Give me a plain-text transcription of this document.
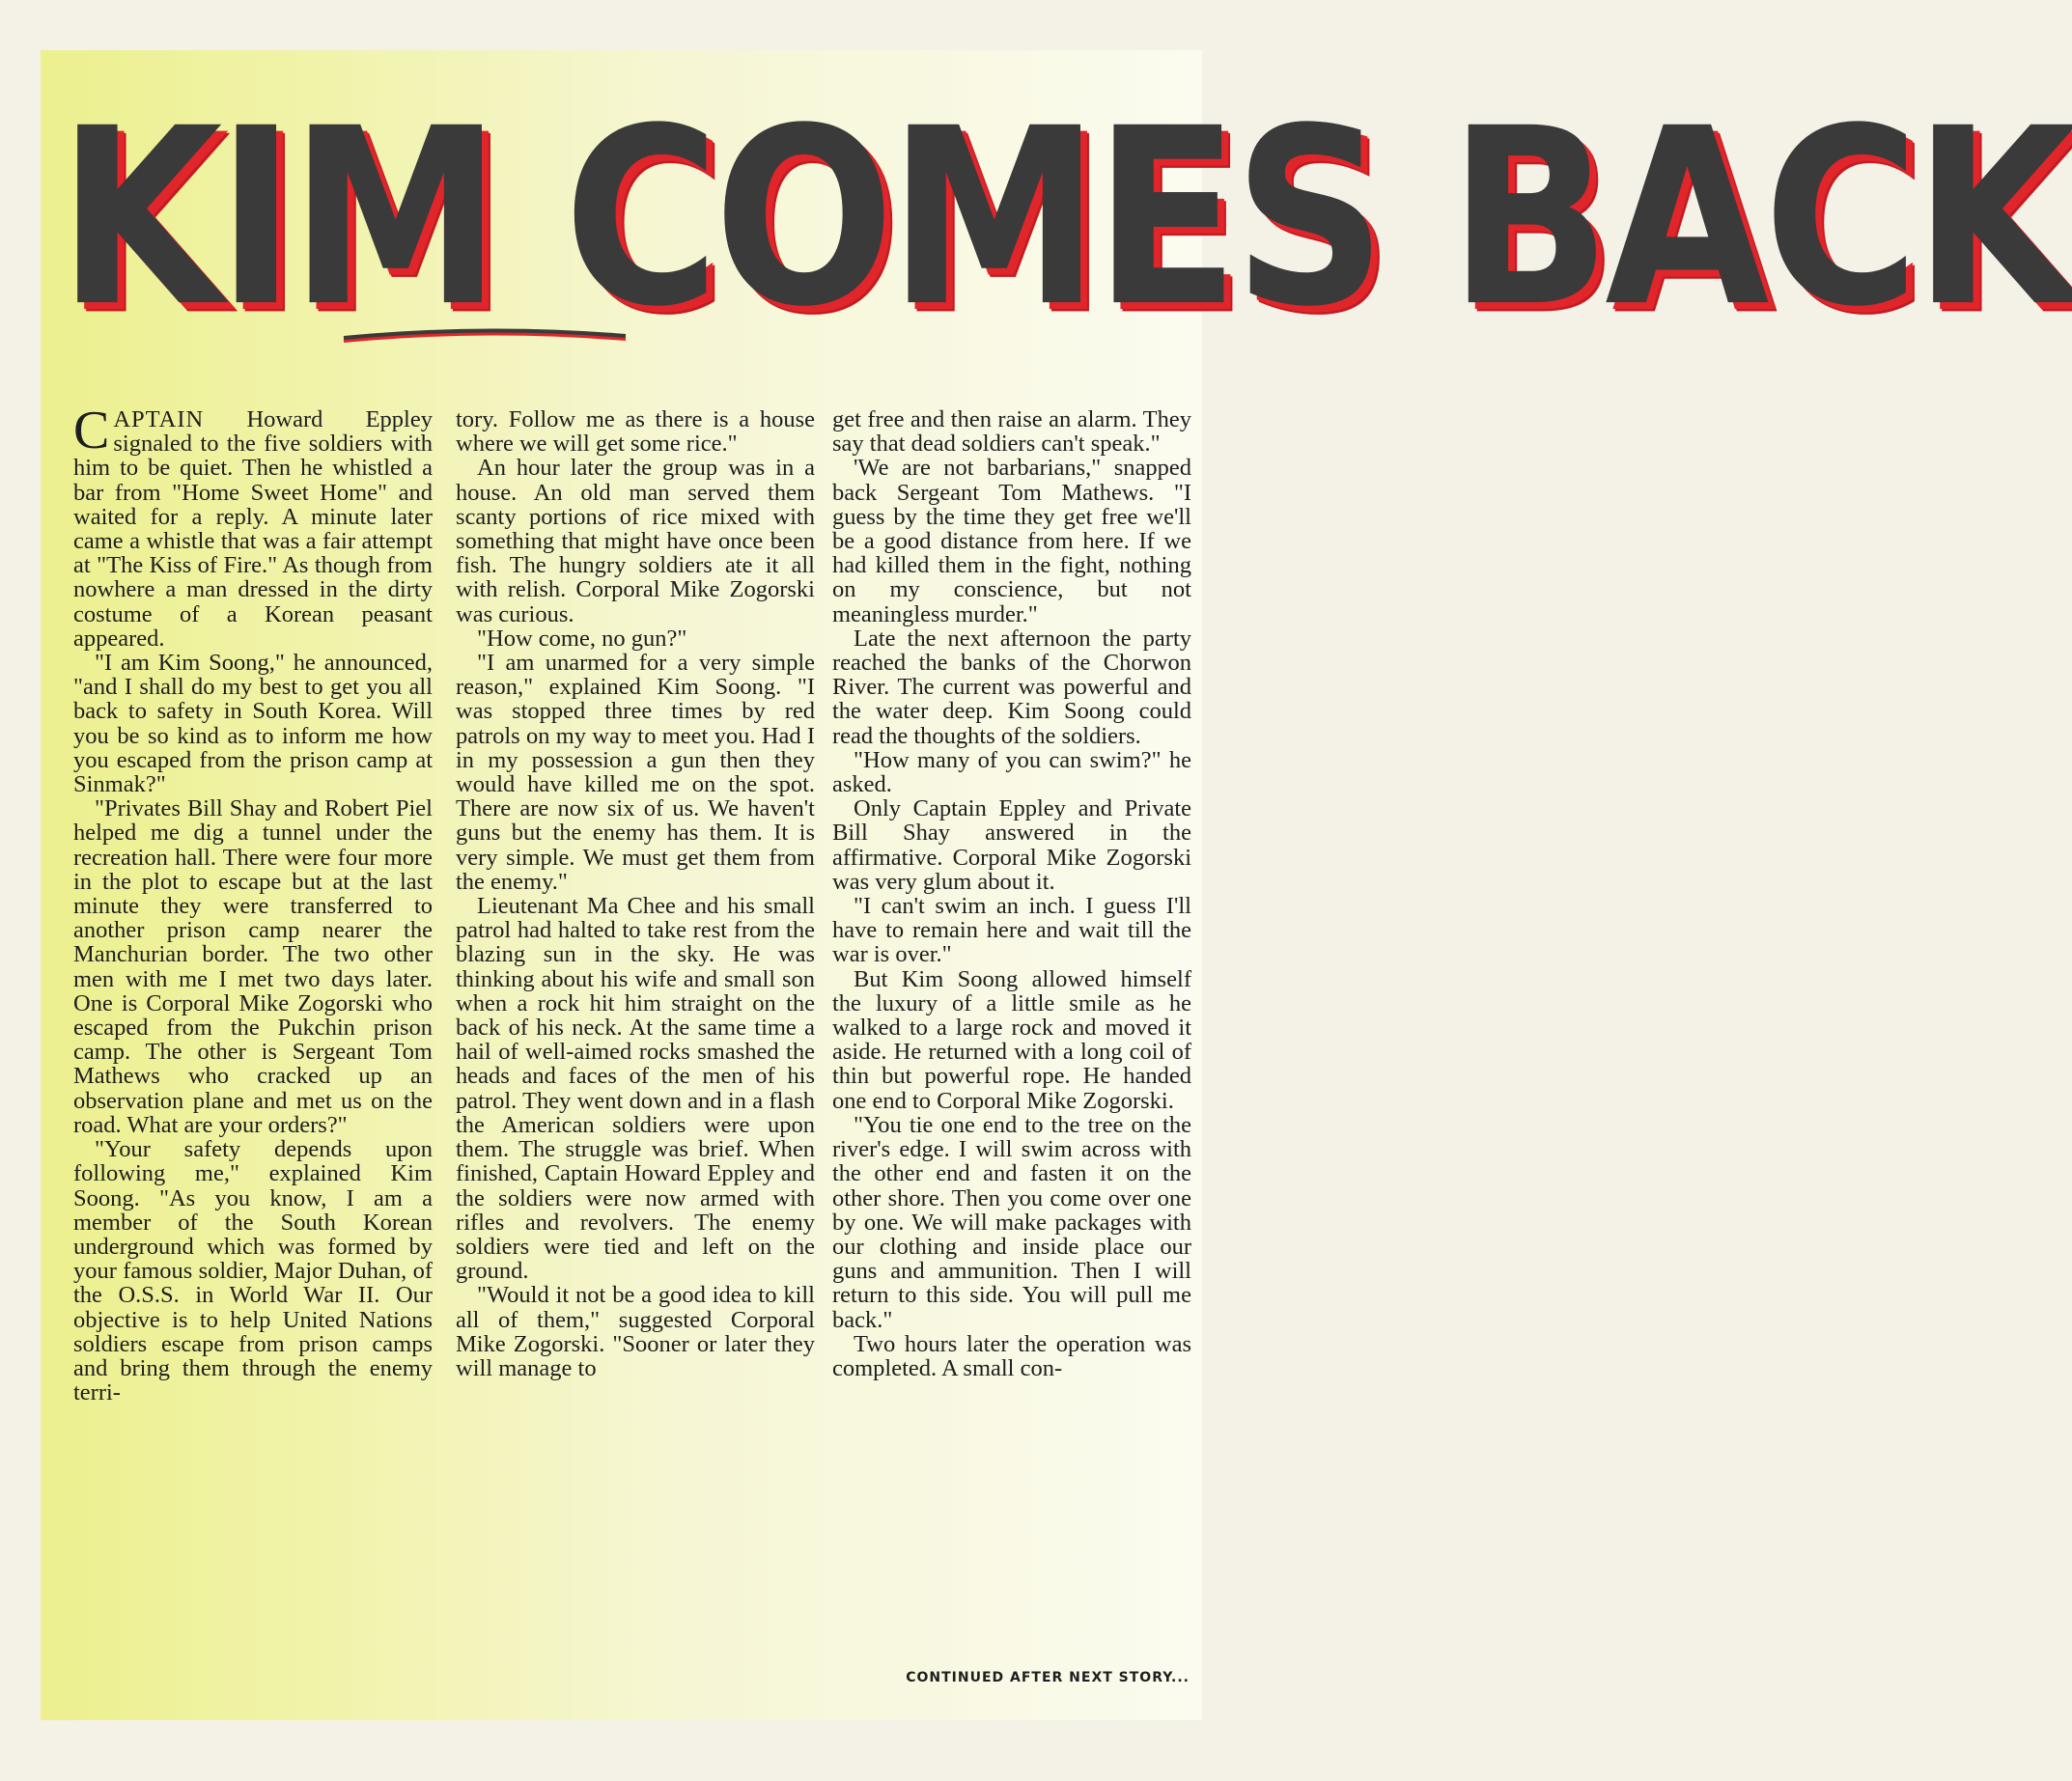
KIM COMES BACK

CAPTAIN Howard Eppley signaled to the five soldiers with him to be quiet. Then he whistled a bar from "Home Sweet Home" and waited for a reply. A minute later came a whistle that was a fair attempt at "The Kiss of Fire." As though from nowhere a man dressed in the dirty costume of a Korean peasant appeared.

"I am Kim Soong," he announced, "and I shall do my best to get you all back to safety in South Korea. Will you be so kind as to inform me how you escaped from the prison camp at Sinmak?"

"Privates Bill Shay and Robert Piel helped me dig a tunnel under the recreation hall. There were four more in the plot to escape but at the last minute they were transferred to another prison camp nearer the Manchurian border. The two other men with me I met two days later. One is Corporal Mike Zogorski who escaped from the Pukchin prison camp. The other is Sergeant Tom Mathews who cracked up an observation plane and met us on the road. What are your orders?"

"Your safety depends upon following me," explained Kim Soong. "As you know, I am a member of the South Korean underground which was formed by your famous soldier, Major Duhan, of the O.S.S. in World War II. Our objective is to help United Nations soldiers escape from prison camps and bring them through the enemy terri-

tory. Follow me as there is a house where we will get some rice."

An hour later the group was in a house. An old man served them scanty portions of rice mixed with something that might have once been fish. The hungry soldiers ate it all with relish. Corporal Mike Zogorski was curious.

"How come, no gun?"

"I am unarmed for a very simple reason," explained Kim Soong. "I was stopped three times by red patrols on my way to meet you. Had I in my possession a gun then they would have killed me on the spot. There are now six of us. We haven't guns but the enemy has them. It is very simple. We must get them from the enemy."

Lieutenant Ma Chee and his small patrol had halted to take rest from the blazing sun in the sky. He was thinking about his wife and small son when a rock hit him straight on the back of his neck. At the same time a hail of well-aimed rocks smashed the heads and faces of the men of his patrol. They went down and in a flash the American soldiers were upon them. The struggle was brief. When finished, Captain Howard Eppley and the soldiers were now armed with rifles and revolvers. The enemy soldiers were tied and left on the ground.

"Would it not be a good idea to kill all of them," suggested Corporal Mike Zogorski. "Sooner or later they will manage to

get free and then raise an alarm. They say that dead soldiers can't speak."

'We are not barbarians," snapped back Sergeant Tom Mathews. "I guess by the time they get free we'll be a good distance from here. If we had killed them in the fight, nothing on my conscience, but not meaningless murder."

Late the next afternoon the party reached the banks of the Chorwon River. The current was powerful and the water deep. Kim Soong could read the thoughts of the soldiers.

"How many of you can swim?" he asked.

Only Captain Eppley and Private Bill Shay answered in the affirmative. Corporal Mike Zogorski was very glum about it.

"I can't swim an inch. I guess I'll have to remain here and wait till the war is over."

But Kim Soong allowed himself the luxury of a little smile as he walked to a large rock and moved it aside. He returned with a long coil of thin but powerful rope. He handed one end to Corporal Mike Zogorski.

"You tie one end to the tree on the river's edge. I will swim across with the other end and fasten it on the other shore. Then you come over one by one. We will make packages with our clothing and inside place our guns and ammunition. Then I will return to this side. You will pull me back."

Two hours later the operation was completed. A small con-

CONTINUED AFTER NEXT STORY...
